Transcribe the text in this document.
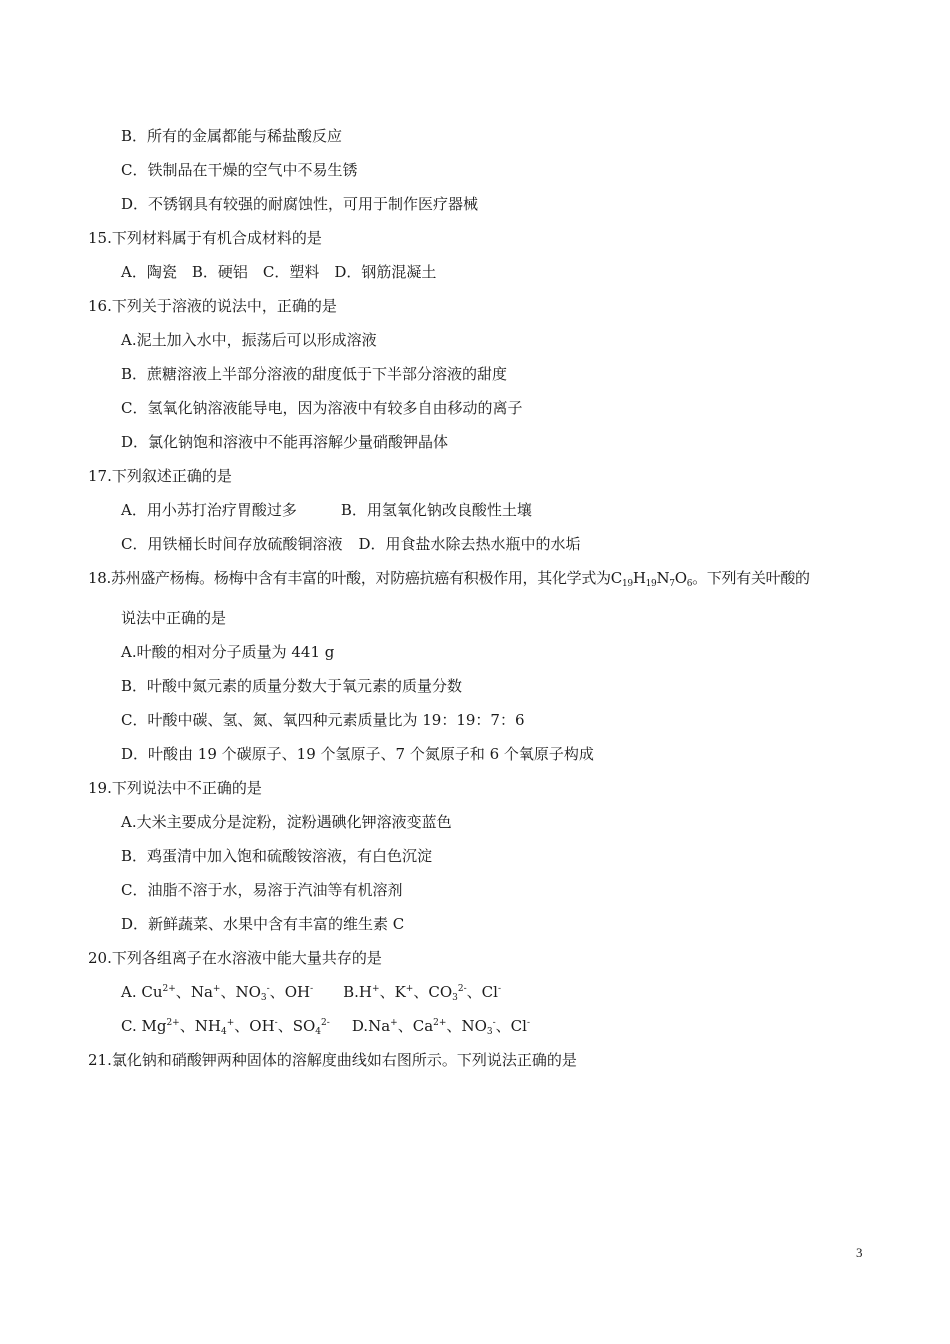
B．所有的金属都能与稀盐酸反应
C．铁制品在干燥的空气中不易生锈
D．不锈钢具有较强的耐腐蚀性，可用于制作医疗器械
15.下列材料属于有机合成材料的是
A．陶瓷　B．硬铝　C．塑料　D．钢筋混凝土
16.下列关于溶液的说法中，正确的是
A.泥土加入水中，振荡后可以形成溶液
B．蔗糖溶液上半部分溶液的甜度低于下半部分溶液的甜度
C．氢氧化钠溶液能导电，因为溶液中有较多自由移动的离子
D．氯化钠饱和溶液中不能再溶解少量硝酸钾晶体
17.下列叙述正确的是
A．用小苏打治疗胃酸过多	B．用氢氧化钠改良酸性土壤
C．用铁桶长时间存放硫酸铜溶液 D．用食盐水除去热水瓶中的水垢
18.苏州盛产杨梅。杨梅中含有丰富的叶酸，对防癌抗癌有积极作用，其化学式为$C_{19}H_{19}N_7O_6$。下列有关叶酸的
说法中正确的是
A.叶酸的相对分子质量为 441 g
B．叶酸中氮元素的质量分数大于氧元素的质量分数
C．叶酸中碳、氢、氮、氧四种元素质量比为 19：19：7：6
D．叶酸由 19 个碳原子、19 个氢原子、7 个氮原子和 6 个氧原子构成
19.下列说法中不正确的是
A.大米主要成分是淀粉，淀粉遇碘化钾溶液变蓝色
B．鸡蛋清中加入饱和硫酸铵溶液，有白色沉淀
C．油脂不溶于水，易溶于汽油等有机溶剂
D．新鲜蔬菜、水果中含有丰富的维生素 C
20.下列各组离子在水溶液中能大量共存的是
A. $Cu^{2+}$、Na+、$NO_3^-$、OH- B.H+、K+、$CO_3^{2-}$、Cl-
C. $Mg^{2+}$、$NH_4^+$、OH-、$SO_4^{2-}$ D.Na+、$Ca^{2+}$、$NO_3^-$、Cl-
21.氯化钠和硝酸钾两种固体的溶解度曲线如右图所示。下列说法正确的是
3
